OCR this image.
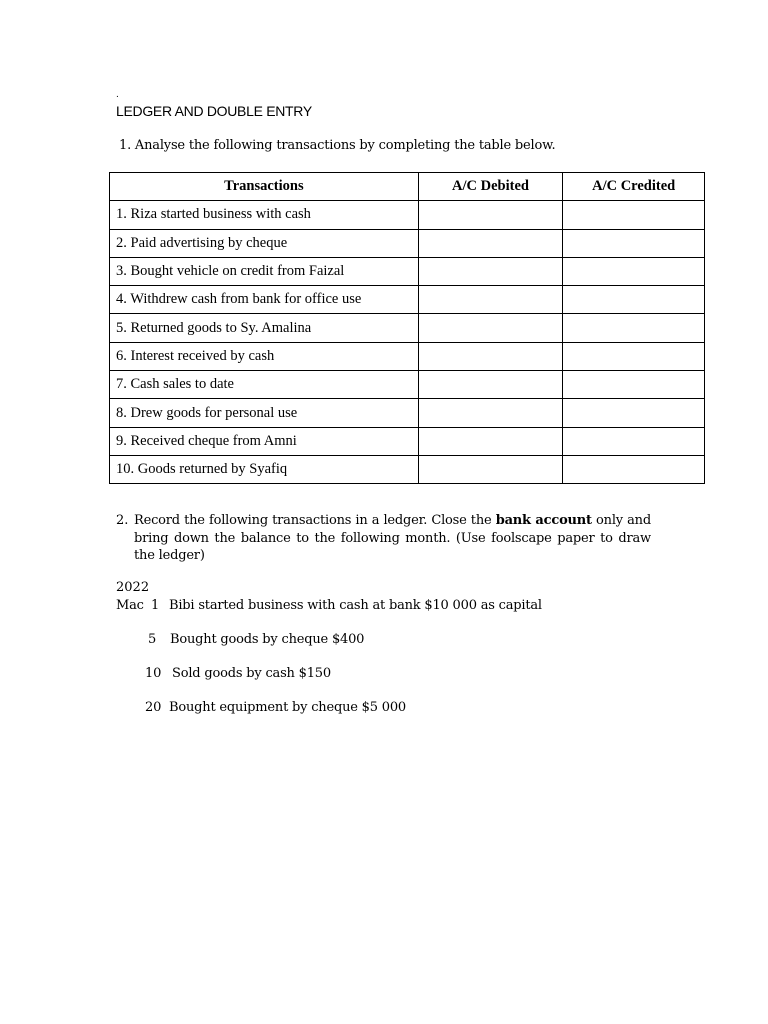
.
LEDGER AND DOUBLE ENTRY
1. Analyse the following transactions by completing the table below.
Transactions	A/C Debited	A/C Credited
1. Riza started business with cash		
2. Paid advertising by cheque		
3. Bought vehicle on credit from Faizal		
4. Withdrew cash from bank for office use		
5. Returned goods to Sy. Amalina		
6. Interest received by cash		
7. Cash sales to date		
8. Drew goods for personal use		
9. Received cheque from Amni		
10. Goods returned by Syafiq		
2. Record the following transactions in a ledger. Close the bank account only and bring down the balance to the following month. (Use foolscape paper to draw the ledger)
2022
Mac 1 Bibi started business with cash at bank $10 000 as capital
5 Bought goods by cheque $400
10 Sold goods by cash $150
20 Bought equipment by cheque $5 000
